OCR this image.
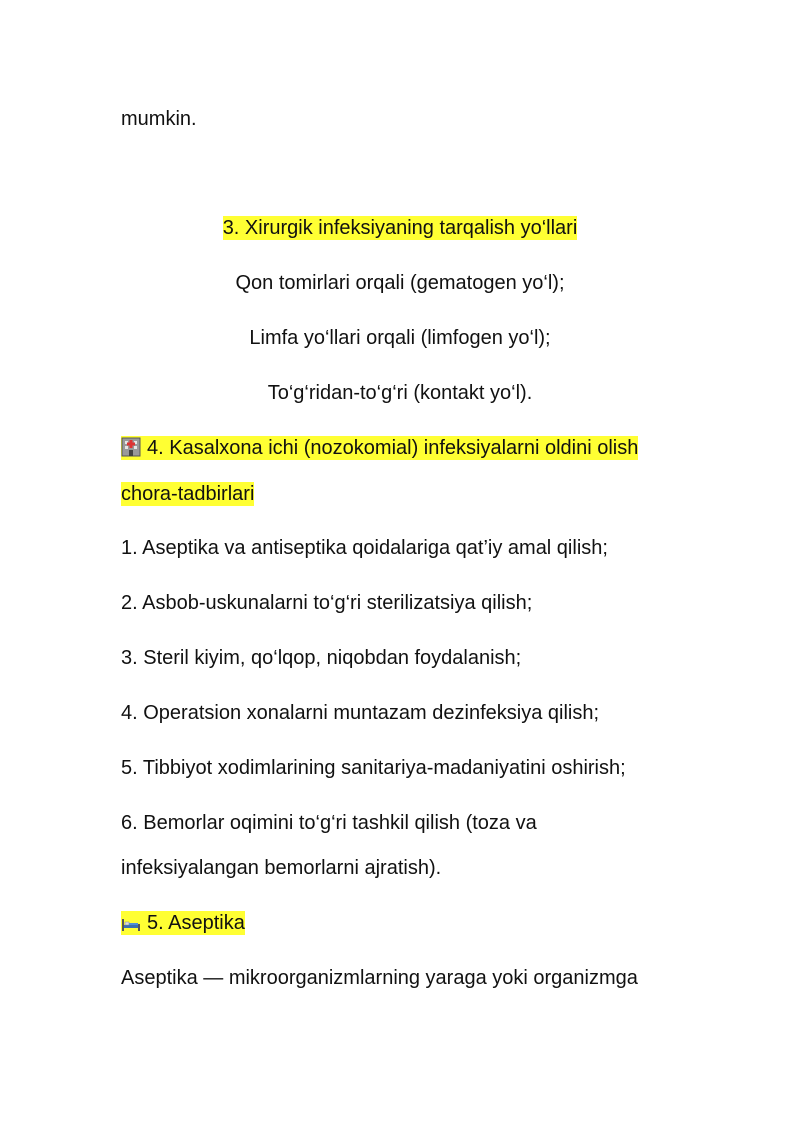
mumkin.
3. Xirurgik infeksiyaning tarqalish yo‘llari
Qon tomirlari orqali (gematogen yo‘l);
Limfa yo‘llari orqali (limfogen yo‘l);
To‘g‘ridan-to‘g‘ri (kontakt yo‘l).
4. Kasalxona ichi (nozokomial) infeksiyalarni oldini olish
chora-tadbirlari
1. Aseptika va antiseptika qoidalariga qat’iy amal qilish;
2. Asbob-uskunalarni to‘g‘ri sterilizatsiya qilish;
3. Steril kiyim, qo‘lqop, niqobdan foydalanish;
4. Operatsion xonalarni muntazam dezinfeksiya qilish;
5. Tibbiyot xodimlarining sanitariya-madaniyatini oshirish;
6. Bemorlar oqimini to‘g‘ri tashkil qilish (toza va
infeksiyalangan bemorlarni ajratish).
5. Aseptika
Aseptika — mikroorganizmlarning yaraga yoki organizmga
